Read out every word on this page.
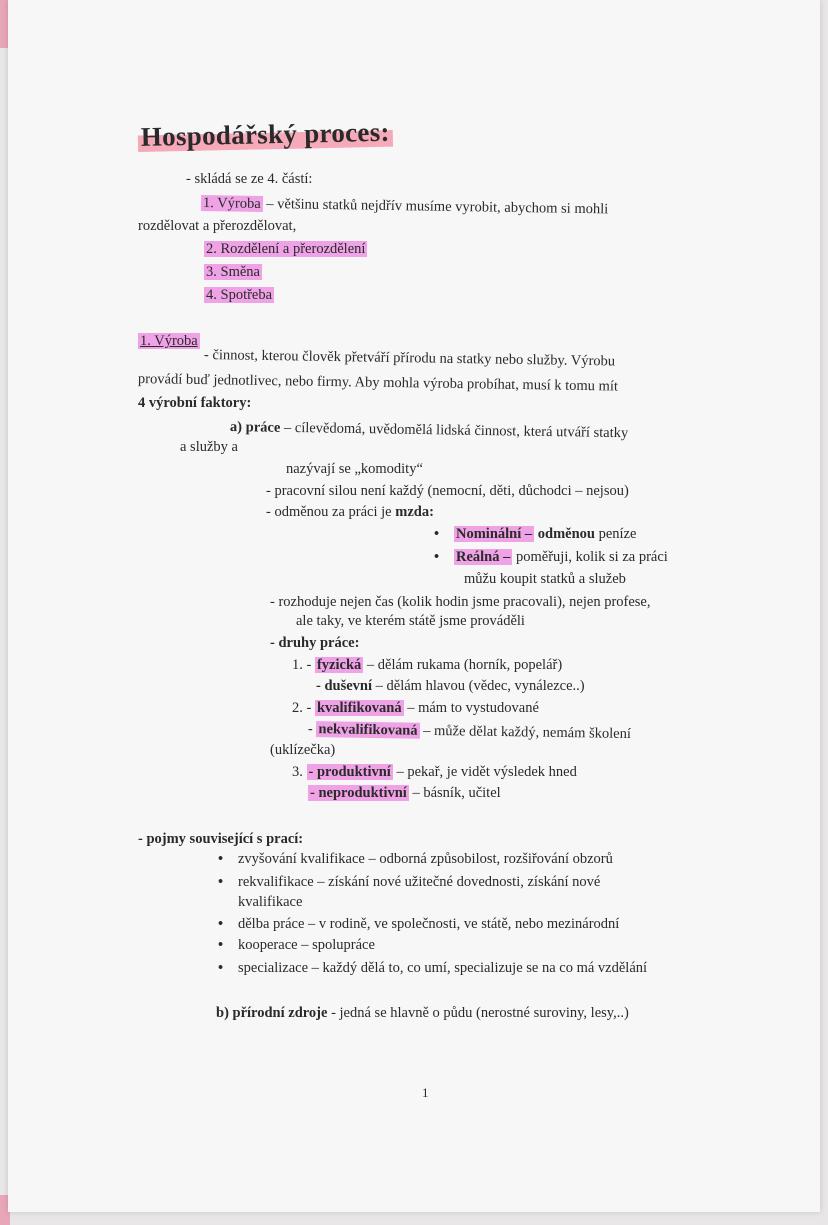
Hospodářský proces:
- skládá se ze 4. částí:
1. Výroba – většinu statků nejdřív musíme vyrobit, abychom si mohli
rozdělovat a přerozdělovat,
2. Rozdělení a přerozdělení
3. Směna
4. Spotřeba
1. Výroba
- činnost, kterou člověk přetváří přírodu na statky nebo služby. Výrobu
provádí buď jednotlivec, nebo firmy. Aby mohla výroba probíhat, musí k tomu mít
4 výrobní faktory:
a) práce – cílevědomá, uvědomělá lidská činnost, která utváří statky
a služby a
nazývají se „komodity“
- pracovní silou není každý (nemocní, děti, důchodci – nejsou)
- odměnou za práci je mzda:
• Nominální – odměnou peníze
• Reálná – poměřuji, kolik si za práci
můžu koupit statků a služeb
- rozhoduje nejen čas (kolik hodin jsme pracovali), nejen profese,
ale taky, ve kterém státě jsme prováděli
- druhy práce:
1. - fyzická – dělám rukama (horník, popelář)
- duševní – dělám hlavou (vědec, vynálezce..)
2. - kvalifikovaná – mám to vystudované
- nekvalifikovaná – může dělat každý, nemám školení
(uklízečka)
3. - produktivní – pekař, je vidět výsledek hned
- neproduktivní – básník, učitel
- pojmy související s prací:
• zvyšování kvalifikace – odborná způsobilost, rozšiřování obzorů
• rekvalifikace – získání nové užitečné dovednosti, získání nové
kvalifikace
• dělba práce – v rodině, ve společnosti, ve státě, nebo mezinárodní
• kooperace – spolupráce
• specializace – každý dělá to, co umí, specializuje se na co má vzdělání
b) přírodní zdroje - jedná se hlavně o půdu (nerostné suroviny, lesy,..)
1
